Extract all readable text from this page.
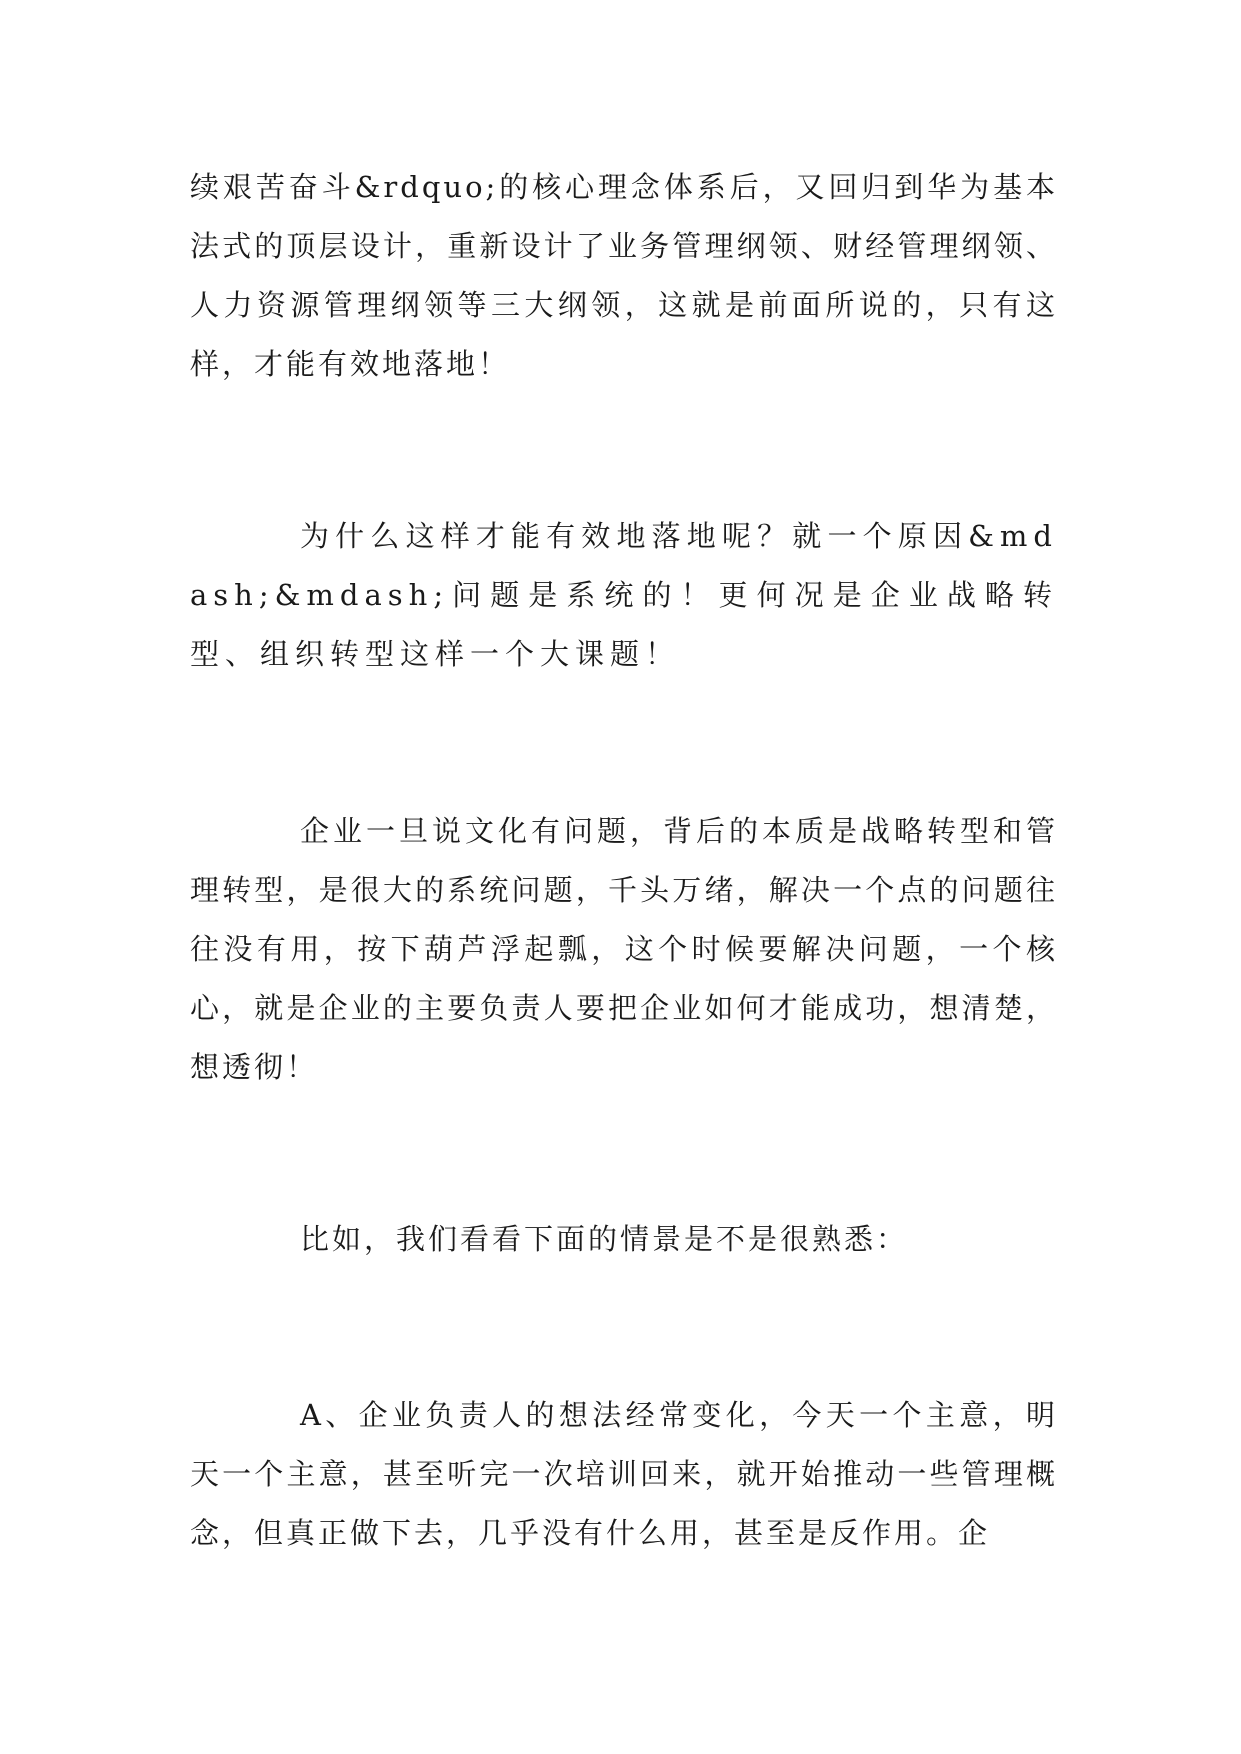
续艰苦奋斗&rdquo;的核心理念体系后，又回归到华为基本法式的顶层设计，重新设计了业务管理纲领、财经管理纲领、人力资源管理纲领等三大纲领，这就是前面所说的，只有这样，才能有效地落地！

为什么这样才能有效地落地呢？就一个原因&mdash;&mdash;问题是系统的！更何况是企业战略转型、组织转型这样一个大课题！

企业一旦说文化有问题，背后的本质是战略转型和管理转型，是很大的系统问题，千头万绪，解决一个点的问题往往没有用，按下葫芦浮起瓢，这个时候要解决问题，一个核心，就是企业的主要负责人要把企业如何才能成功，想清楚，想透彻！

比如，我们看看下面的情景是不是很熟悉：

A、企业负责人的想法经常变化，今天一个主意，明天一个主意，甚至听完一次培训回来，就开始推动一些管理概念，但真正做下去，几乎没有什么用，甚至是反作用。企
